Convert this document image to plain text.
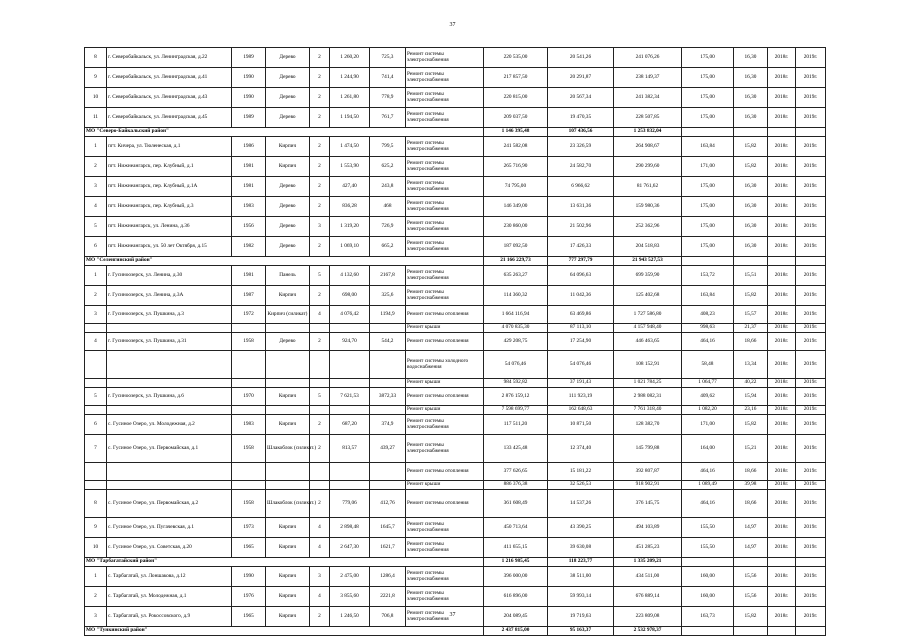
37
8	г. Северобайкальск, ул. Ленинградская, д.22	1989	Дерево	2	1 260,20	725,3	Ремонт системы электроснабжения	220 535,00	20 541,26	241 076,26	175,00	16,30	2018г.	2019г.
9	г. Северобайкальск, ул. Ленинградская, д.41	1990	Дерево	2	1 244,90	741,4	Ремонт системы электроснабжения	217 857,50	20 291,87	238 149,37	175,00	16,30	2018г.	2019г.
10	г. Северобайкальск, ул. Ленинградская, д.43	1990	Дерево	2	1 261,80	778,9	Ремонт системы электроснабжения	220 815,00	20 567,34	241 382,34	175,00	16,30	2018г.	2019г.
11	г. Северобайкальск, ул. Ленинградская, д.45	1989	Дерево	2	1 194,50	761,7	Ремонт системы электроснабжения	209 037,50	19 470,35	228 507,85	175,00	16,30	2018г.	2019г.
МО "Северо-Байкальский район"								1 146 395,48	107 436,56	1 253 832,04				
1	пгт. Кичера, ул. Тюленеская, д.1	1986	Кирпич	2	1 474,50	799,5	Ремонт системы электроснабжения	241 582,08	23 326,59	264 908,67	163,84	15,82	2018г.	2019г.
2	пгт. Нижнеангарск, пер. Клубный, д.1	1981	Кирпич	2	1 553,90	625,2	Ремонт системы электроснабжения	265 716,90	24 582,70	290 299,60	171,00	15,82	2018г.	2019г.
3	пгт. Нижнеангарск, пер. Клубный, д.1А	1981	Дерево	2	427,40	243,8	Ремонт системы электроснабжения	74 795,00	6 966,62	81 761,62	175,00	16,30	2018г.	2019г.
4	пгт. Нижнеангарск, пер. Клубный, д.3	1983	Дерево	2	836,28	468	Ремонт системы электроснабжения	146 349,00	13 631,36	159 980,36	175,00	16,30	2018г.	2019г.
5	пгт. Нижнеангарск, ул. Ленина, д.36	1956	Дерево	3	1 319,20	726,9	Ремонт системы электроснабжения	230 860,00	21 502,96	252 362,96	175,00	16,30	2018г.	2019г.
6	пгт. Нижнеангарск, ул. 50 лет Октября, д.15	1982	Дерево	2	1 069,10	665,2	Ремонт системы электроснабжения	187 092,50	17 426,33	204 518,83	175,00	16,30	2018г.	2019г.
МО "Селенгинский район"								21 166 229,73	777 297,79	21 943 527,53				
1	г. Гусиноозерск, ул. Ленина, д.30	1981	Панель	5	4 132,60	2167,8	Ремонт системы электроснабжения	635 263,27	64 096,63	699 359,90	153,72	15,51	2018г.	2019г.
2	г. Гусиноозерск, ул. Ленина, д.3А	1987	Кирпич	2	698,00	325,6	Ремонт системы электроснабжения	114 360,32	11 042,36	125 402,68	163,84	15,82	2018г.	2019г.
3	г. Гусиноозерск, ул. Пушкина, д.3	1972	Кирпич (силикат)	4	4 076,42	1194,9	Ремонт системы отопления	1 664 116,94	63 469,86	1 727 586,80	408,23	15,57	2018г.	2019г.
							Ремонт крыши	4 070 835,30	87 113,10	4 157 948,40	998,63	21,37	2018г.	2019г.
4	г. Гусиноозерск, ул. Пушкина, д.31	1958	Дерево	2	924,70	544,2	Ремонт системы отопления	429 208,75	17 254,90	446 463,65	464,16	18,66	2018г.	2019г.
							Ремонт системы холодного водоснабжения	54 076,46	54 076,46	108 152,91	58,48	13,34	2018г.	2019г.
							Ремонт крыши	984 592,82	37 191,43	1 021 784,25	1 064,77	40,22	2018г.	2019г.
5	г. Гусиноозерск, ул. Пушкина, д.6	1970	Кирпич	5	7 621,53	3872,33	Ремонт системы отопления	2 876 159,12	111 923,19	2 988 082,31	409,62	15,94	2018г.	2019г.
							Ремонт крыши	7 598 699,77	162 648,63	7 761 318,40	1 082,20	23,16	2018г.	2019г.
6	с. Гусиное Озеро, ул. Молодежная, д.2	1983	Кирпич	2	687,20	374,9	Ремонт системы электроснабжения	117 511,20	10 871,50	128 382,70	171,00	15,82	2018г.	2019г.
7	с. Гусиное Озеро, ул. Первомайская, д.1	1958	Шлакоблок (силикат.)	2	813,57	439,27	Ремонт системы электроснабжения	133 425,48	12 374,40	145 799,88	164,00	15,21	2018г.	2019г.
							Ремонт системы отопления	377 626,65	15 181,22	392 807,87	464,16	18,66	2018г.	2019г.
							Ремонт крыши	886 376,38	32 526,53	918 902,91	1 089,49	39,98	2018г.	2019г.
8	с. Гусиное Озеро, ул. Первомайская, д.2	1958	Шлакоблок (силикат.)	2	779,06	412,76	Ремонт системы отопления	361 608,49	14 537,26	376 145,75	464,16	18,66	2018г.	2019г.
9	с. Гусиное Озеро, ул. Пугачевская, д.1	1973	Кирпич	4	2 898,48	1645,7	Ремонт системы электроснабжения	450 713,64	43 390,25	494 103,89	155,50	14,97	2018г.	2019г.
10	с. Гусиное Озеро, ул. Советская, д.20	1965	Кирпич	4	2 647,30	1621,7	Ремонт системы электроснабжения	411 655,15	39 630,08	451 285,23	155,50	14,97	2018г.	2019г.
МО "Тарбагатайский район"								1 216 985,45	118 223,77	1 335 209,21				
1	с. Тарбагатай, ул. Лоншакова, д.12	1990	Кирпич	3	2 475,00	1286,4	Ремонт системы электроснабжения	396 000,00	38 511,00	434 511,00	160,00	15,56	2018г.	2019г.
2	с. Тарбагатай, ул. Молодежная, д.1	1976	Кирпич	4	3 855,60	2221,8	Ремонт системы электроснабжения	616 896,00	59 993,14	676 889,14	160,00	15,56	2018г.	2019г.
3	с. Тарбагатай, ул. Рокоссовского, д.9	1965	Кирпич	2	1 246,50	706,8	Ремонт системы электроснабжения	204 089,45	19 719,63	223 809,08	163,73	15,82	2018г.	2019г.
МО "Тункинский район"								2 437 815,00	95 163,37	2 532 978,37				
37
